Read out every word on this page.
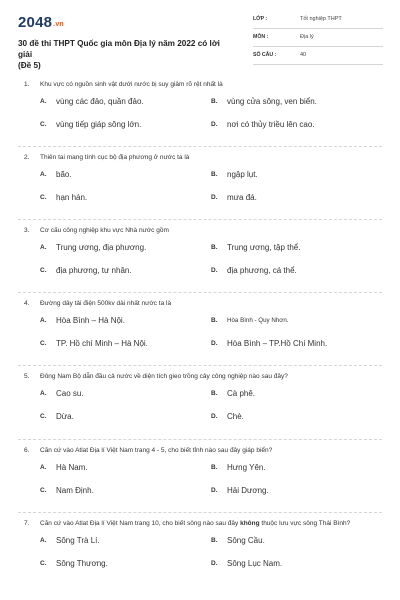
2048.vn
30 đề thi THPT Quốc gia môn Địa lý năm 2022 có lời giải
(Đề 5)
LỚP :	Tốt nghiệp THPT
MÔN :	Địa lý
SỐ CÂU :	40
1. Khu vực có nguồn sinh vật dưới nước bị suy giảm rõ rệt nhất là
A. vùng các đảo, quần đảo.	B. vùng cửa sông, ven biển.
C. vùng tiếp giáp sông lớn.	D. nơi có thủy triều lên cao.
2. Thiên tai mang tính cục bộ địa phương ở nước ta là
A. bão.	B. ngập lụt.
C. hạn hán.	D. mưa đá.
3. Cơ cấu công nghiệp khu vực Nhà nước gồm
A. Trung ương, địa phương.	B. Trung ương, tập thể.
C. địa phương, tư nhân.	D. địa phương, cá thể.
4. Đường dây tải điện 500kv dài nhất nước ta là
A. Hòa Bình – Hà Nội.	B. Hòa Bình - Quy Nhơn.
C. TP. Hồ chí Minh – Hà Nội.	D. Hòa Bình – TP.Hồ Chí Minh.
5. Đông Nam Bộ dẫn đầu cả nước về diện tích gieo trồng cây công nghiệp nào sau đây?
A. Cao su.	B. Cà phê.
C. Dừa.	D. Chè.
6. Căn cứ vào Atlat Địa lí Việt Nam trang 4 - 5, cho biết tỉnh nào sau đây giáp biển?
A. Hà Nam.	B. Hưng Yên.
C. Nam Định.	D. Hải Dương.
7. Căn cứ vào Atlat Địa lí Việt Nam trang 10, cho biết sông nào sau đây không thuộc lưu vực sông Thái Bình?
A. Sông Trà Lí.	B. Sông Cầu.
C. Sông Thương.	D. Sông Lục Nam.
